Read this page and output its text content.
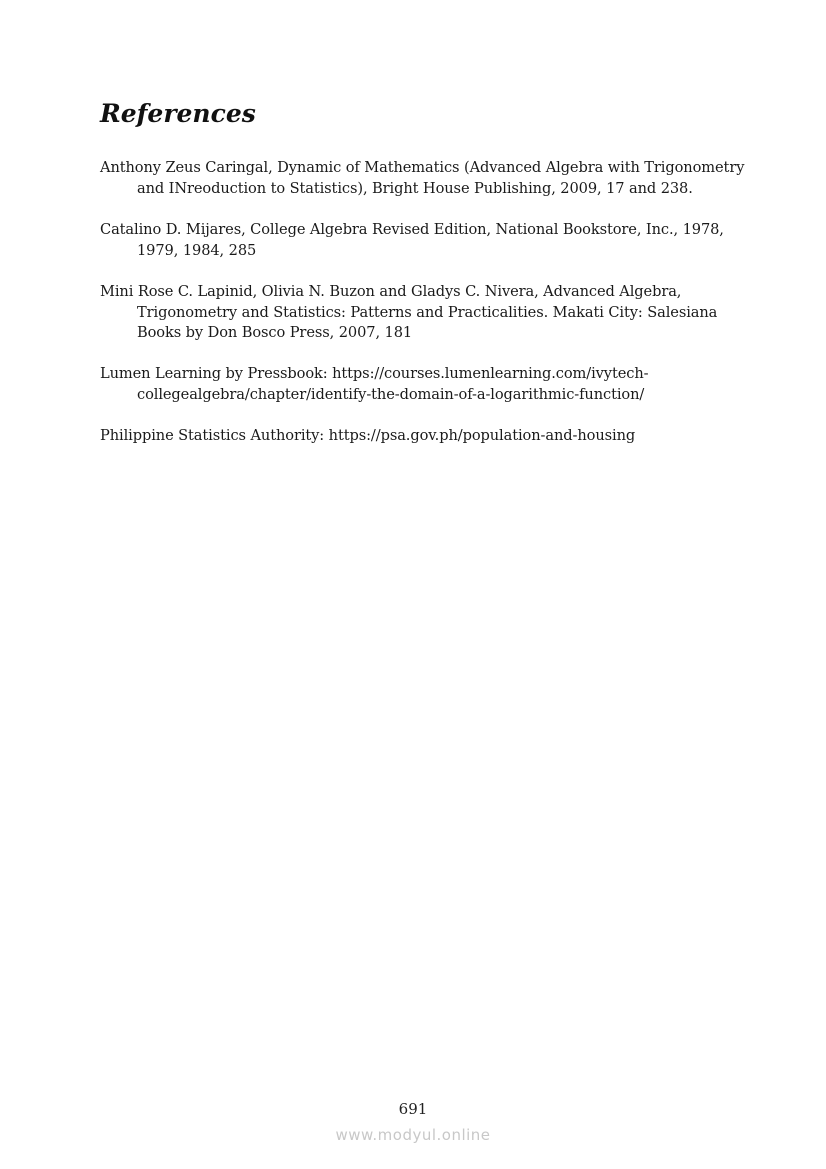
References
Anthony Zeus Caringal, Dynamic of Mathematics (Advanced Algebra with Trigonometry and INreoduction to Statistics), Bright House Publishing, 2009, 17 and 238.
Catalino D. Mijares, College Algebra Revised Edition, National Bookstore, Inc., 1978, 1979, 1984, 285
Mini Rose C. Lapinid, Olivia N. Buzon and Gladys C. Nivera, Advanced Algebra, Trigonometry and Statistics: Patterns and Practicalities. Makati City: Salesiana Books by Don Bosco Press, 2007, 181
Lumen Learning by Pressbook: https://courses.lumenlearning.com/ivytech-collegealgebra/chapter/identify-the-domain-of-a-logarithmic-function/
Philippine Statistics Authority: https://psa.gov.ph/population-and-housing
691
www.modyul.online
